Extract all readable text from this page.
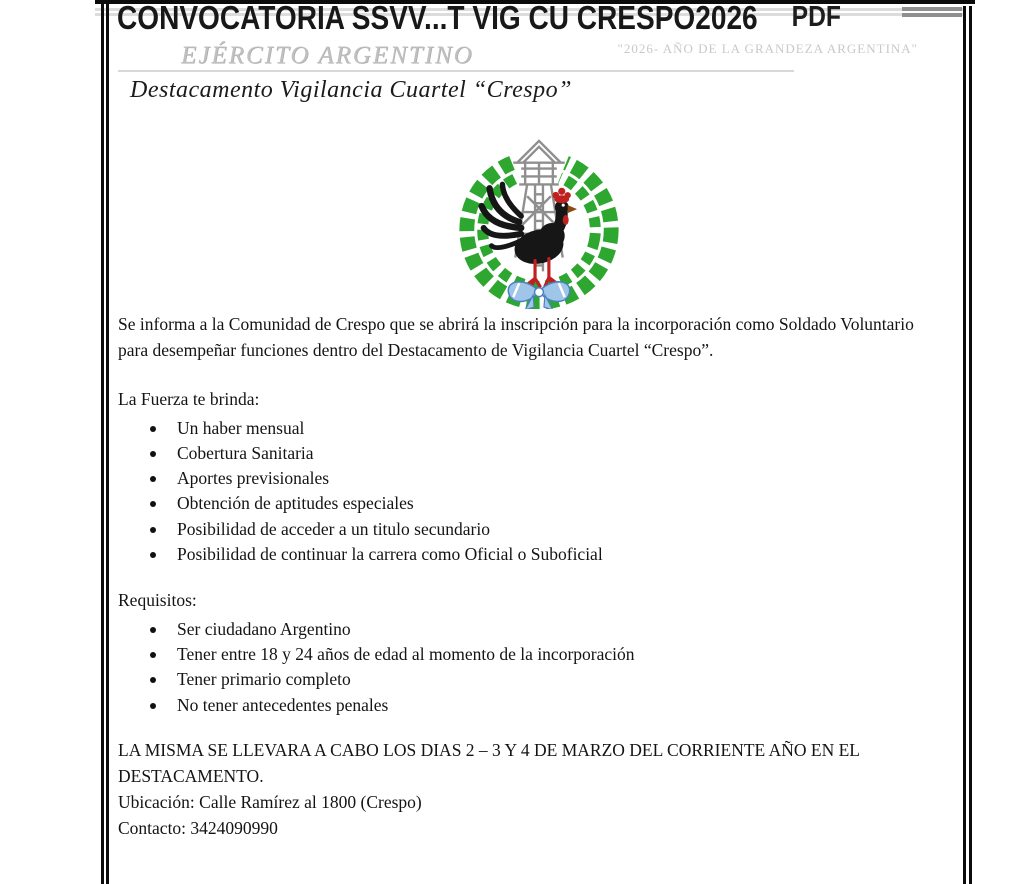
CONVOCATORIA SSVV...T VIG CU CRESPO2026 PDF
"2026- AÑO DE LA GRANDEZA ARGENTINA"
EJÉRCITO ARGENTINO
Destacamento Vigilancia Cuartel “Crespo”

Se informa a la Comunidad de Crespo que se abrirá la inscripción para la incorporación como Soldado Voluntario para desempeñar funciones dentro del Destacamento de Vigilancia Cuartel “Crespo”.

La Fuerza te brinda:
Un haber mensual
Cobertura Sanitaria
Aportes previsionales
Obtención de aptitudes especiales
Posibilidad de acceder a un titulo secundario
Posibilidad de continuar la carrera como Oficial o Suboficial
Requisitos:
Ser ciudadano Argentino
Tener entre 18 y 24 años de edad al momento de la incorporación
Tener primario completo
No tener antecedentes penales

LA MISMA SE LLEVARA A CABO LOS DIAS 2 – 3 Y 4 DE MARZO DEL CORRIENTE AÑO EN EL DESTACAMENTO.

Ubicación: Calle Ramírez al 1800 (Crespo)

Contacto: 3424090990
